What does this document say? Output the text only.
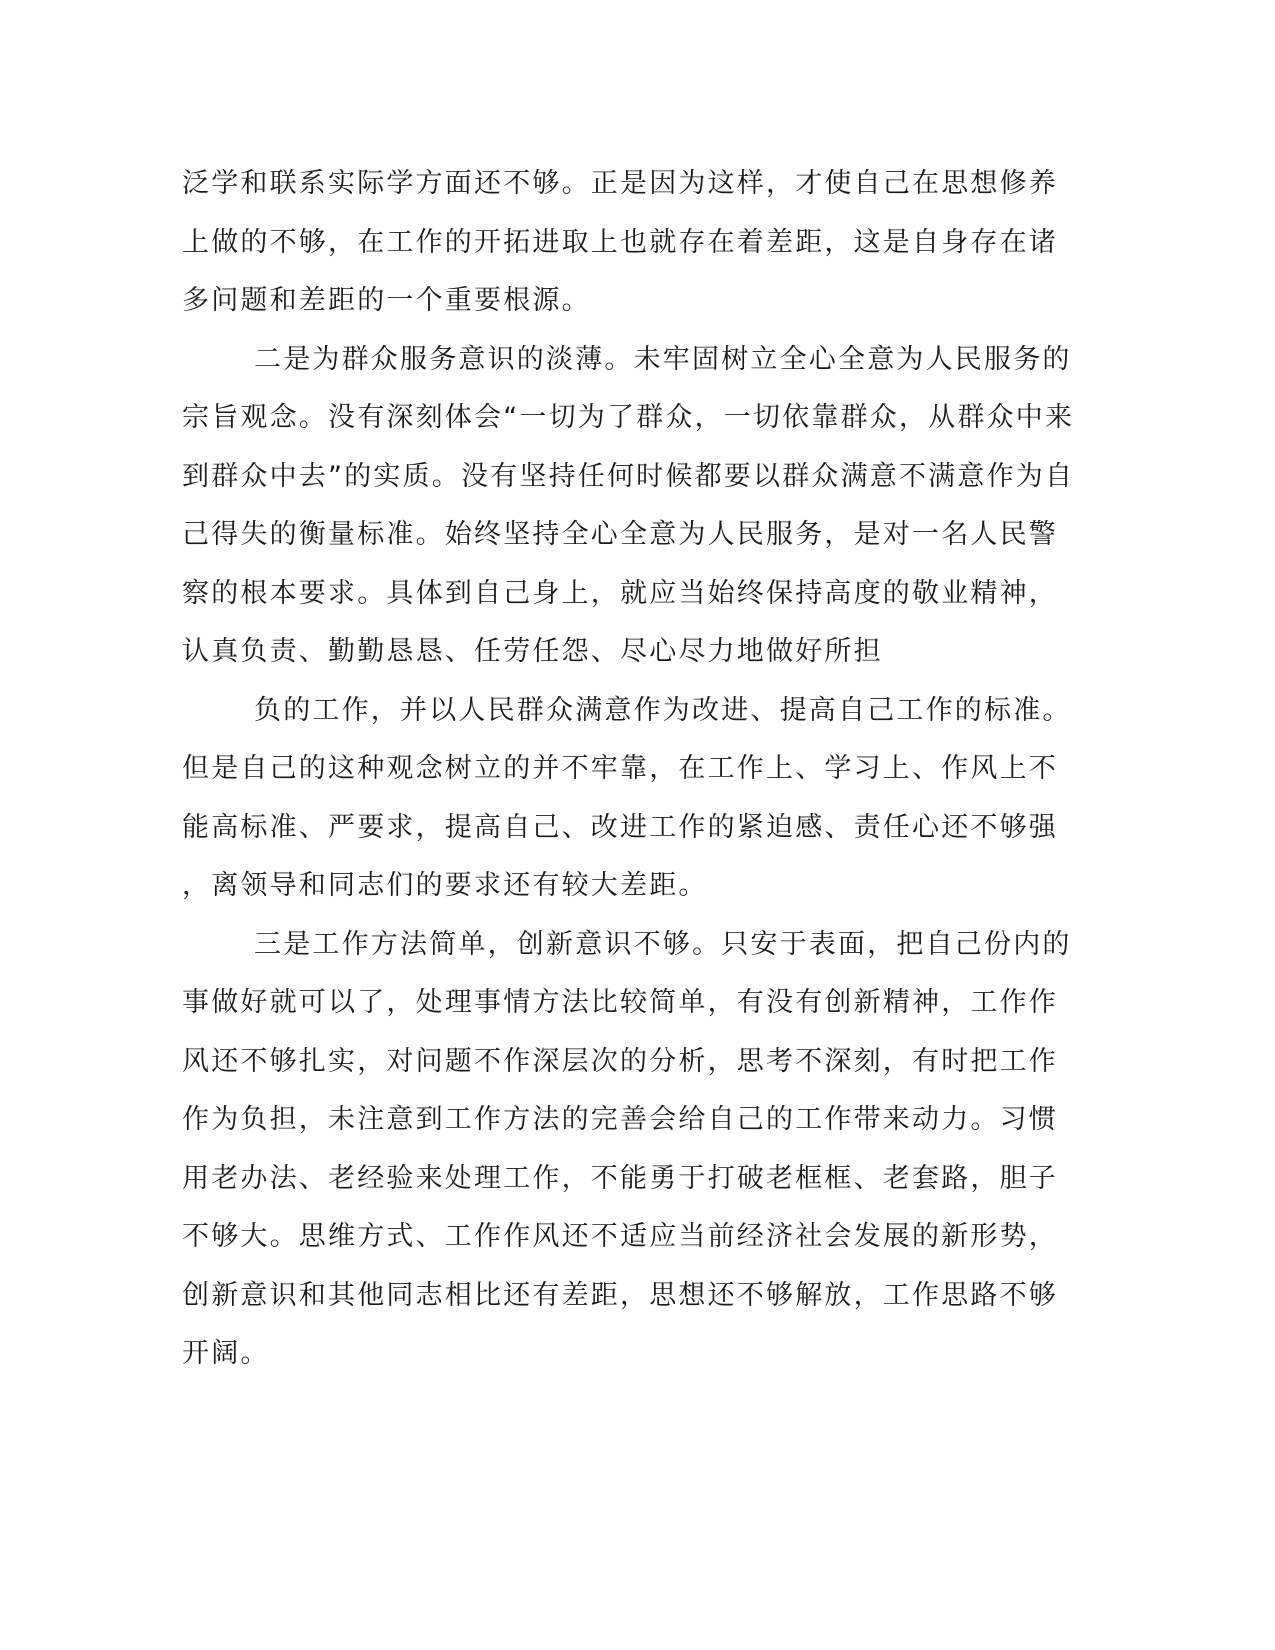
泛学和联系实际学方面还不够。正是因为这样，才使自己在思想修养
上做的不够，在工作的开拓进取上也就存在着差距，这是自身存在诸
多问题和差距的一个重要根源。
二是为群众服务意识的淡薄。未牢固树立全心全意为人民服务的
宗旨观念。没有深刻体会“一切为了群众，一切依靠群众，从群众中来
到群众中去”的实质。没有坚持任何时候都要以群众满意不满意作为自
己得失的衡量标准。始终坚持全心全意为人民服务，是对一名人民警
察的根本要求。具体到自己身上，就应当始终保持高度的敬业精神，
认真负责、勤勤恳恳、任劳任怨、尽心尽力地做好所担
负的工作，并以人民群众满意作为改进、提高自己工作的标准。
但是自己的这种观念树立的并不牢靠，在工作上、学习上、作风上不
能高标准、严要求，提高自己、改进工作的紧迫感、责任心还不够强
，离领导和同志们的要求还有较大差距。
三是工作方法简单，创新意识不够。只安于表面，把自己份内的
事做好就可以了，处理事情方法比较简单，有没有创新精神，工作作
风还不够扎实，对问题不作深层次的分析，思考不深刻，有时把工作
作为负担，未注意到工作方法的完善会给自己的工作带来动力。习惯
用老办法、老经验来处理工作，不能勇于打破老框框、老套路，胆子
不够大。思维方式、工作作风还不适应当前经济社会发展的新形势，
创新意识和其他同志相比还有差距，思想还不够解放，工作思路不够
开阔。
